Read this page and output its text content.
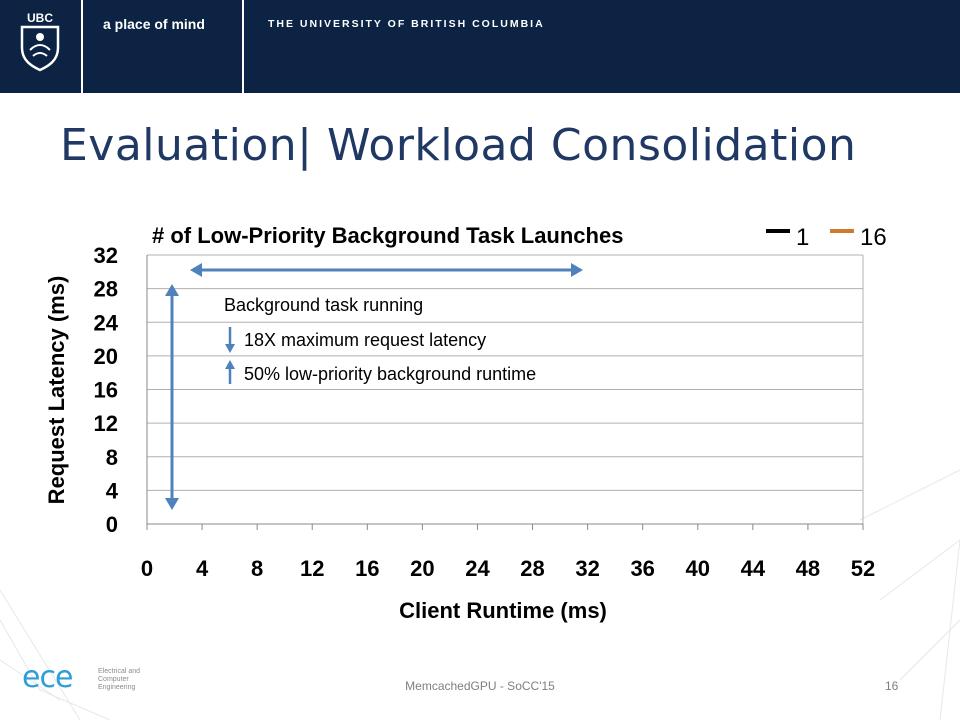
UBC	a place of mind	THE UNIVERSITY OF BRITISH COLUMBIA
Evaluation| Workload Consolidation
0
4
8
12
16
20
24
28
32
0 4 8 12 16 20 24 28 32 36 40 44 48 52
# of Low-Priority Background Task Launches	1 16
Request Latency (ms)
Client Runtime (ms)
Background task running
18X maximum request latency
50% low-priority background runtime
ece	Electrical and
Computer
Engineering	MemcachedGPU - SoCC'15	16
